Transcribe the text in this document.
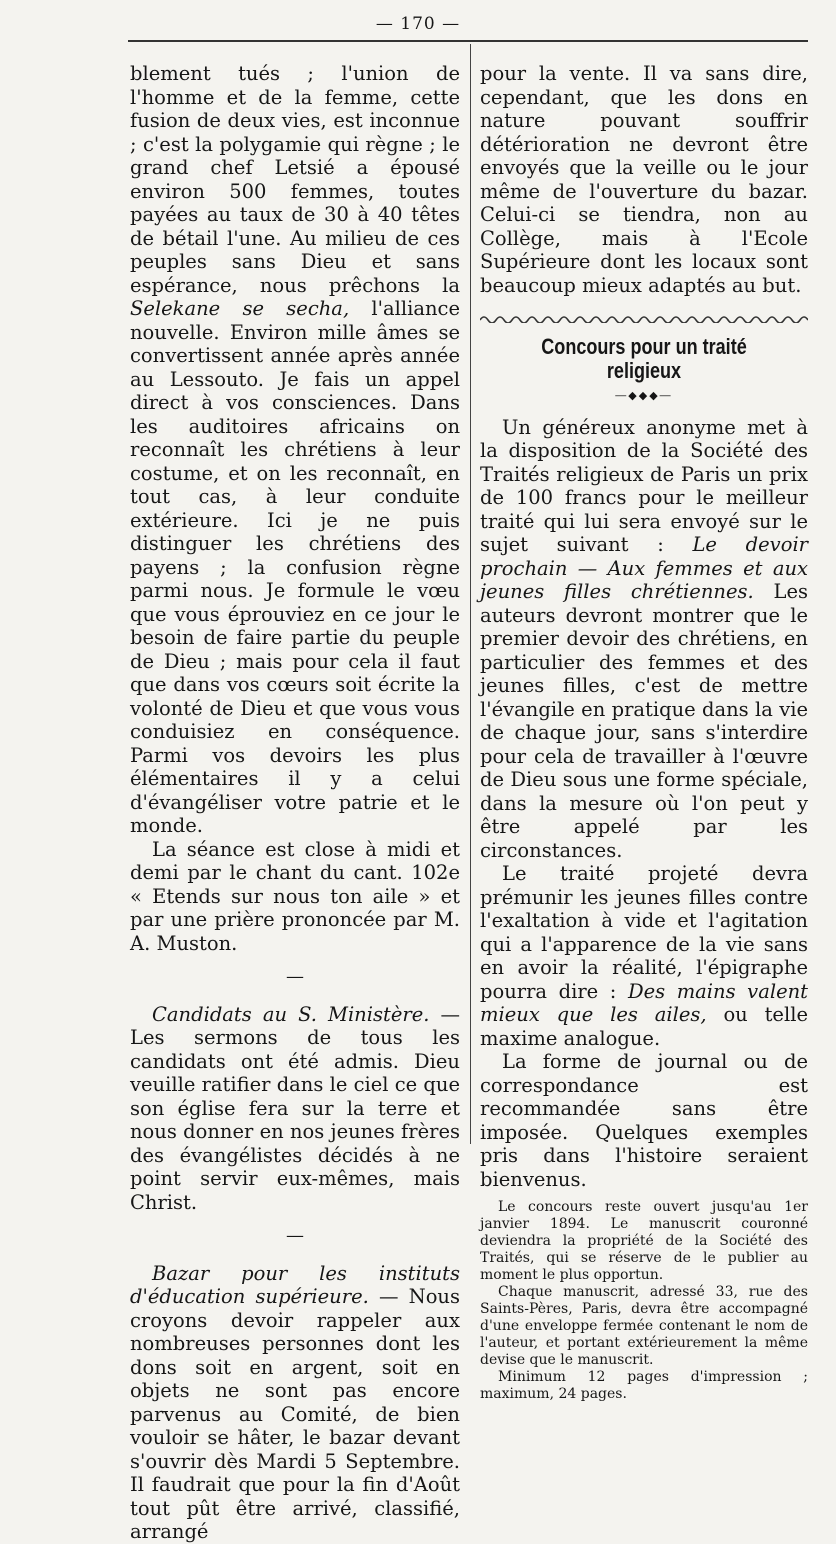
— 170 —

blement tués ; l'union de l'homme et de la femme, cette fusion de deux vies, est inconnue ; c'est la polygamie qui règne ; le grand chef Letsié a épousé environ 500 femmes, toutes payées au taux de 30 à 40 têtes de bétail l'une. Au milieu de ces peuples sans Dieu et sans espérance, nous prêchons la Selekane se secha, l'alliance nouvelle. Environ mille âmes se convertissent année après année au Lessouto. Je fais un appel direct à vos consciences. Dans les auditoires africains on reconnaît les chrétiens à leur costume, et on les reconnaît, en tout cas, à leur conduite extérieure. Ici je ne puis distinguer les chrétiens des payens ; la confusion règne parmi nous. Je formule le vœu que vous éprouviez en ce jour le besoin de faire partie du peuple de Dieu ; mais pour cela il faut que dans vos cœurs soit écrite la volonté de Dieu et que vous vous conduisiez en conséquence. Parmi vos devoirs les plus élémentaires il y a celui d'évangéliser votre patrie et le monde.

La séance est close à midi et demi par le chant du cant. 102e « Etends sur nous ton aile » et par une prière prononcée par M. A. Muston.

—

Candidats au S. Ministère. — Les sermons de tous les candidats ont été admis. Dieu veuille ratifier dans le ciel ce que son église fera sur la terre et nous donner en nos jeunes frères des évangélistes décidés à ne point servir eux-mêmes, mais Christ.

—

Bazar pour les instituts d'éducation supérieure. — Nous croyons devoir rappeler aux nombreuses personnes dont les dons soit en argent, soit en objets ne sont pas encore parvenus au Comité, de bien vouloir se hâter, le bazar devant s'ouvrir dès Mardi 5 Septembre. Il faudrait que pour la fin d'Août tout pût être arrivé, classifié, arrangé

pour la vente. Il va sans dire, cependant, que les dons en nature pouvant souffrir détérioration ne devront être envoyés que la veille ou le jour même de l'ouverture du bazar. Celui-ci se tiendra, non au Collège, mais à l'Ecole Supérieure dont les locaux sont beaucoup mieux adaptés au but.

Concours pour un traité religieux
―◆◆◆―

Un généreux anonyme met à la disposition de la Société des Traités religieux de Paris un prix de 100 francs pour le meilleur traité qui lui sera envoyé sur le sujet suivant : Le devoir prochain — Aux femmes et aux jeunes filles chrétiennes. Les auteurs devront montrer que le premier devoir des chrétiens, en particulier des femmes et des jeunes filles, c'est de mettre l'évangile en pratique dans la vie de chaque jour, sans s'interdire pour cela de travailler à l'œuvre de Dieu sous une forme spéciale, dans la mesure où l'on peut y être appelé par les circonstances.

Le traité projeté devra prémunir les jeunes filles contre l'exaltation à vide et l'agitation qui a l'apparence de la vie sans en avoir la réalité, l'épigraphe pourra dire : Des mains valent mieux que les ailes, ou telle maxime analogue.

La forme de journal ou de correspondance est recommandée sans être imposée. Quelques exemples pris dans l'histoire seraient bienvenus.

Le concours reste ouvert jusqu'au 1er janvier 1894. Le manuscrit couronné deviendra la propriété de la Société des Traités, qui se réserve de le publier au moment le plus opportun.

Chaque manuscrit, adressé 33, rue des Saints-Pères, Paris, devra être accompagné d'une enveloppe fermée contenant le nom de l'auteur, et portant extérieurement la même devise que le manuscrit.

Minimum 12 pages d'impression ; maximum, 24 pages.
